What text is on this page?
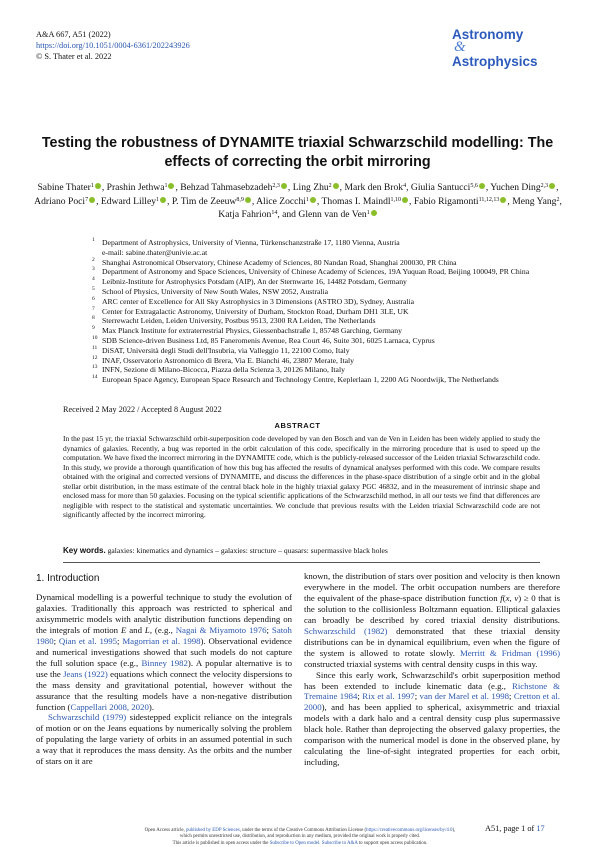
A&A 667, A51 (2022)
https://doi.org/10.1051/0004-6361/202243926
© S. Thater et al. 2022
Astronomy
&
Astrophysics
Testing the robustness of DYNAMITE triaxial Schwarzschild modelling: The effects of correcting the orbit mirroring
Sabine Thater$^1$ , Prashin Jethwa$^1$ , Behzad Tahmasebzadeh$^{2,3}$ , Ling Zhu$^2$ , Mark den Brok$^4$, Giulia Santucci$^{5,6}$ , Yuchen Ding$^{2,3}$ , Adriano Poci$^7$ , Edward Lilley$^1$ , P. Tim de Zeeuw$^{8,9}$ , Alice Zocchi$^1$ , Thomas I. Maindl$^{1,10}$ , Fabio Rigamonti$^{11,12,13}$ , Meng Yang$^2$, Katja Fahrion$^{14}$, and Glenn van de Ven$^1$
1 Department of Astrophysics, University of Vienna, Türkenschanzstraße 17, 1180 Vienna, Austria
e-mail: sabine.thater@univie.ac.at
2 Shanghai Astronomical Observatory, Chinese Academy of Sciences, 80 Nandan Road, Shanghai 200030, PR China
3 Department of Astronomy and Space Sciences, University of Chinese Academy of Sciences, 19A Yuquan Road, Beijing 100049, PR China
4 Leibniz-Institute for Astrophysics Potsdam (AIP), An der Sternwarte 16, 14482 Potsdam, Germany
5 School of Physics, University of New South Wales, NSW 2052, Australia
6 ARC center of Excellence for All Sky Astrophysics in 3 Dimensions (ASTRO 3D), Sydney, Australia
7 Center for Extragalactic Astronomy, University of Durham, Stockton Road, Durham DH1 3LE, UK
8 Sterrewacht Leiden, Leiden University, Postbus 9513, 2300 RA Leiden, The Netherlands
9 Max Planck Institute for extraterrestrial Physics, Giessenbachstraße 1, 85748 Garching, Germany
10 SDB Science-driven Business Ltd, 85 Faneromenis Avenue, Rea Court 46, Suite 301, 6025 Larnaca, Cyprus
11 DiSAT, Università degli Studi dell'Insubria, via Valleggio 11, 22100 Como, Italy
12 INAF, Osservatorio Astronomico di Brera, Via E. Bianchi 46, 23807 Merate, Italy
13 INFN, Sezione di Milano-Bicocca, Piazza della Scienza 3, 20126 Milano, Italy
14 European Space Agency, European Space Research and Technology Centre, Keplerlaan 1, 2200 AG Noordwijk, The Netherlands
Received 2 May 2022 / Accepted 8 August 2022
ABSTRACT
In the past 15 yr, the triaxial Schwarzschild orbit-superposition code developed by van den Bosch and van de Ven in Leiden has been widely applied to study the dynamics of galaxies. Recently, a bug was reported in the orbit calculation of this code, specifically in the mirroring procedure that is used to speed up the computation. We have fixed the incorrect mirroring in the DYNAMITE code, which is the publicly-released successor of the Leiden triaxial Schwarzschild code. In this study, we provide a thorough quantification of how this bug has affected the results of dynamical analyses performed with this code. We compare results obtained with the original and corrected versions of DYNAMITE, and discuss the differences in the phase-space distribution of a single orbit and in the global stellar orbit distribution, in the mass estimate of the central black hole in the highly triaxial galaxy PGC 46832, and in the measurement of intrinsic shape and enclosed mass for more than 50 galaxies. Focusing on the typical scientific applications of the Schwarzschild method, in all our tests we find that differences are negligible with respect to the statistical and systematic uncertainties. We conclude that previous results with the Leiden triaxial Schwarzschild code are not significantly affected by the incorrect mirroring.
Key words. galaxies: kinematics and dynamics – galaxies: structure – quasars: supermassive black holes
1. Introduction

Dynamical modelling is a powerful technique to study the evolution of galaxies. Traditionally this approach was restricted to spherical and axisymmetric models with analytic distribution functions depending on the integrals of motion E and L, (e.g., Nagai & Miyamoto 1976; Satoh 1980; Qian et al. 1995; Magorrian et al. 1998). Observational evidence and numerical investigations showed that such models do not capture the full solution space (e.g., Binney 1982). A popular alternative is to use the Jeans (1922) equations which connect the velocity dispersions to the mass density and gravitational potential, however without the assurance that the resulting models have a non-negative distribution function (Cappellari 2008, 2020).

Schwarzschild (1979) sidestepped explicit reliance on the integrals of motion or on the Jeans equations by numerically solving the problem of populating the large variety of orbits in an assumed potential in such a way that it reproduces the mass density. As the orbits and the number of stars on it are

known, the distribution of stars over position and velocity is then known everywhere in the model. The orbit occupation numbers are therefore the equivalent of the phase-space distribution function f(x, v) ≥ 0 that is the solution to the collisionless Boltzmann equation. Elliptical galaxies can broadly be described by cored triaxial density distributions. Schwarzschild (1982) demonstrated that these triaxial density distributions can be in dynamical equilibrium, even when the figure of the system is allowed to rotate slowly. Merritt & Fridman (1996) constructed triaxial systems with central density cusps in this way.

Since this early work, Schwarzschild's orbit superposition method has been extended to include kinematic data (e.g., Richstone & Tremaine 1984; Rix et al. 1997; van der Marel et al. 1998; Cretton et al. 2000), and has been applied to spherical, axisymmetric and triaxial models with a dark halo and a central density cusp plus supermassive black hole. Rather than deprojecting the observed galaxy properties, the comparison with the numerical model is done in the observed plane, by calculating the line-of-sight integrated properties for each orbit, including,

A51, page 1 of 17
Open Access article, published by EDP Sciences, under the terms of the Creative Commons Attribution License (https://creativecommons.org/licenses/by/4.0),
which permits unrestricted use, distribution, and reproduction in any medium, provided the original work is properly cited.
This article is published in open access under the Subscribe to Open model. Subscribe to A&A to support open access publication.
